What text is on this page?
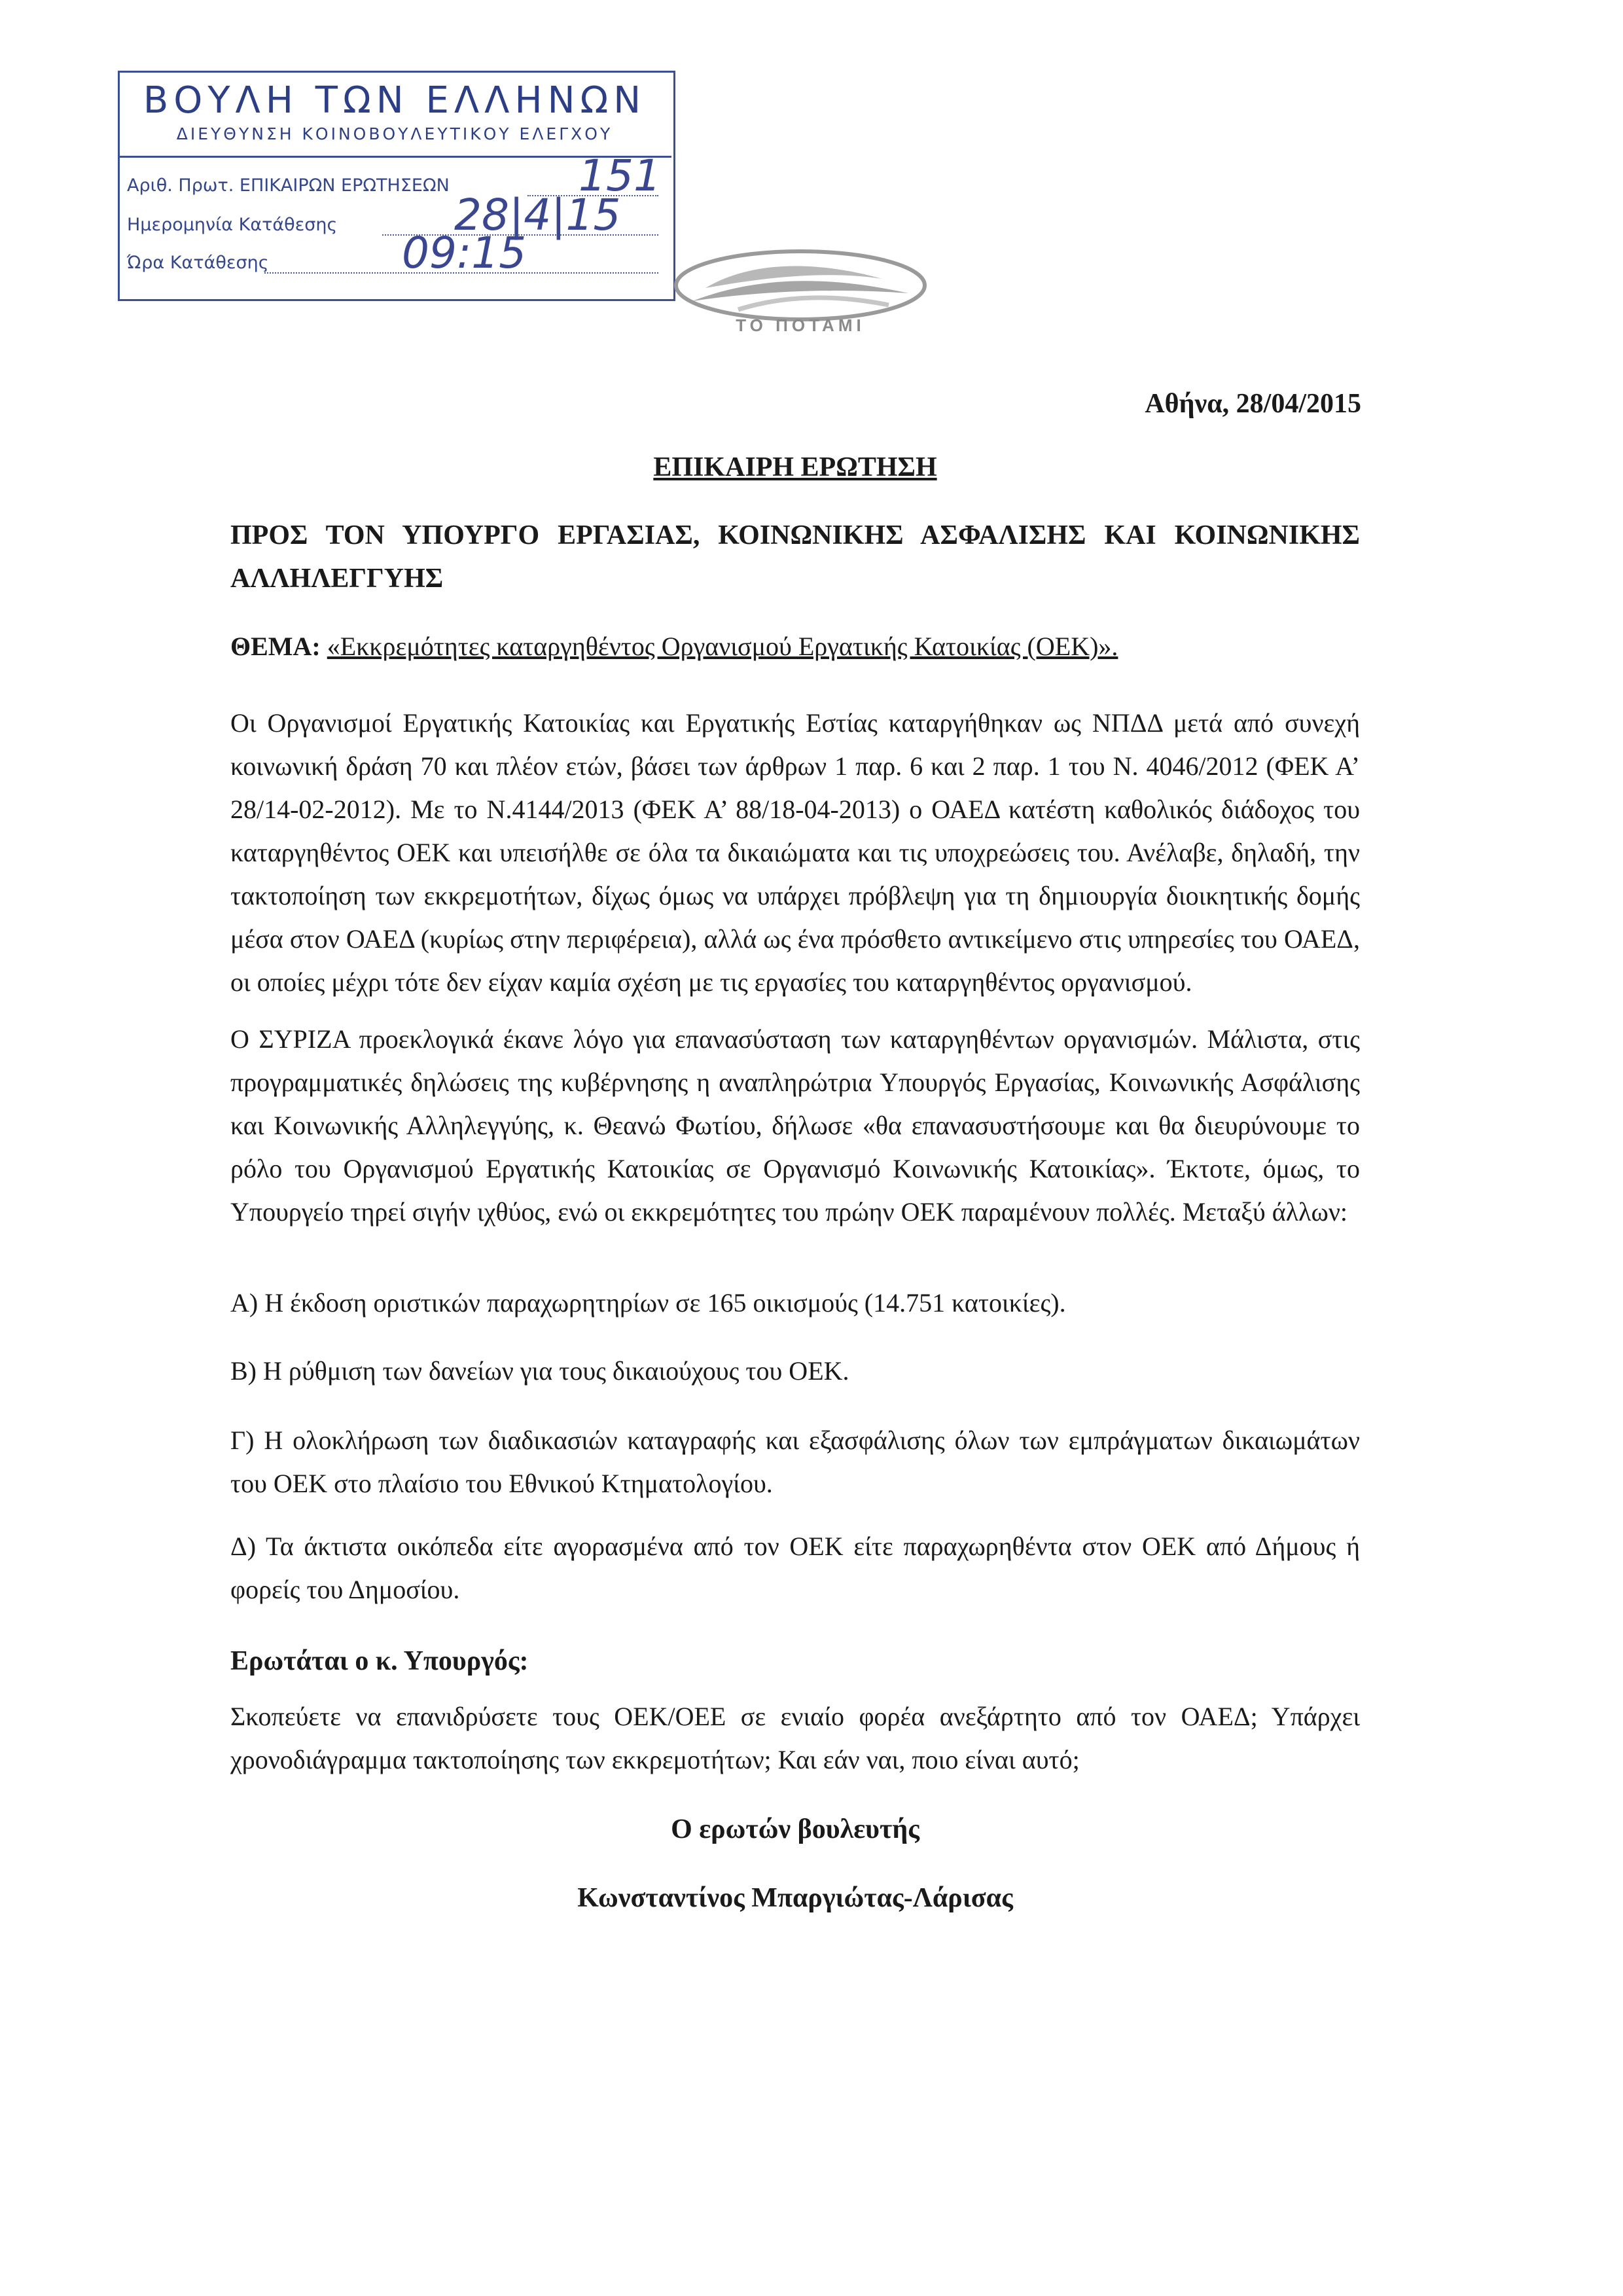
ΒΟΥΛΗ ΤΩΝ ΕΛΛΗΝΩΝ
ΔΙΕΥΘΥΝΣΗ ΚΟΙΝΟΒΟΥΛΕΥΤΙΚΟΥ ΕΛΕΓΧΟΥ
Αριθ. Πρωτ. ΕΠΙΚΑΙΡΩΝ ΕΡΩΤΗΣΕΩΝ	151
Ημερομηνία Κατάθεσης	28|4|15
Ώρα Κατάθεσης	09:15
ΤΟ ΠΟΤΑΜΙ
Αθήνα, 28/04/2015
ΕΠΙΚΑΙΡΗ ΕΡΩΤΗΣΗ
ΠΡΟΣ ΤΟΝ ΥΠΟΥΡΓΟ ΕΡΓΑΣΙΑΣ, ΚΟΙΝΩΝΙΚΗΣ ΑΣΦΑΛΙΣΗΣ ΚΑΙ ΚΟΙΝΩΝΙΚΗΣ ΑΛΛΗΛΕΓΓΥΗΣ
ΘΕΜΑ: «Εκκρεμότητες καταργηθέντος Οργανισμού Εργατικής Κατοικίας (ΟΕΚ)».
Οι Οργανισμοί Εργατικής Κατοικίας και Εργατικής Εστίας καταργήθηκαν ως ΝΠΔΔ μετά από συνεχή κοινωνική δράση 70 και πλέον ετών, βάσει των άρθρων 1 παρ. 6 και 2 παρ. 1 του Ν. 4046/2012 (ΦΕΚ Α’ 28/14-02-2012). Με το Ν.4144/2013 (ΦΕΚ Α’ 88/18-04-2013) ο ΟΑΕΔ κατέστη καθολικός διάδοχος του καταργηθέντος ΟΕΚ και υπεισήλθε σε όλα τα δικαιώματα και τις υποχρεώσεις του. Ανέλαβε, δηλαδή, την τακτοποίηση των εκκρεμοτήτων, δίχως όμως να υπάρχει πρόβλεψη για τη δημιουργία διοικητικής δομής μέσα στον ΟΑΕΔ (κυρίως στην περιφέρεια), αλλά ως ένα πρόσθετο αντικείμενο στις υπηρεσίες του ΟΑΕΔ, οι οποίες μέχρι τότε δεν είχαν καμία σχέση με τις εργασίες του καταργηθέντος οργανισμού.
Ο ΣΥΡΙΖΑ προεκλογικά έκανε λόγο για επανασύσταση των καταργηθέντων οργανισμών. Μάλιστα, στις προγραμματικές δηλώσεις της κυβέρνησης η αναπληρώτρια Υπουργός Εργασίας, Κοινωνικής Ασφάλισης και Κοινωνικής Αλληλεγγύης, κ. Θεανώ Φωτίου, δήλωσε «θα επανασυστήσουμε και θα διευρύνουμε το ρόλο του Οργανισμού Εργατικής Κατοικίας σε Οργανισμό Κοινωνικής Κατοικίας». Έκτοτε, όμως, το Υπουργείο τηρεί σιγήν ιχθύος, ενώ οι εκκρεμότητες του πρώην ΟΕΚ παραμένουν πολλές. Μεταξύ άλλων:
Α) Η έκδοση οριστικών παραχωρητηρίων σε 165 οικισμούς (14.751 κατοικίες).
Β) Η ρύθμιση των δανείων για τους δικαιούχους του ΟΕΚ.
Γ) Η ολοκλήρωση των διαδικασιών καταγραφής και εξασφάλισης όλων των εμπράγματων δικαιωμάτων του ΟΕΚ στο πλαίσιο του Εθνικού Κτηματολογίου.
Δ) Τα άκτιστα οικόπεδα είτε αγορασμένα από τον ΟΕΚ είτε παραχωρηθέντα στον ΟΕΚ από Δήμους ή φορείς του Δημοσίου.
Ερωτάται ο κ. Υπουργός:
Σκοπεύετε να επανιδρύσετε τους ΟΕΚ/ΟΕΕ σε ενιαίο φορέα ανεξάρτητο από τον ΟΑΕΔ; Υπάρχει χρονοδιάγραμμα τακτοποίησης των εκκρεμοτήτων; Και εάν ναι, ποιο είναι αυτό;
Ο ερωτών βουλευτής
Κωνσταντίνος Μπαργιώτας-Λάρισας
